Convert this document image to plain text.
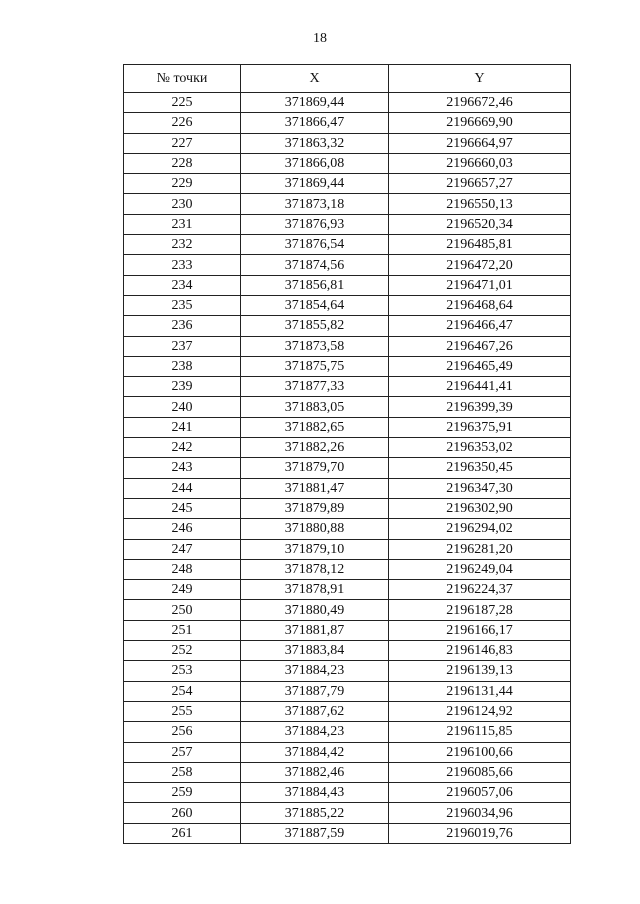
18
№ точки	X	Y
225	371869,44	2196672,46
226	371866,47	2196669,90
227	371863,32	2196664,97
228	371866,08	2196660,03
229	371869,44	2196657,27
230	371873,18	2196550,13
231	371876,93	2196520,34
232	371876,54	2196485,81
233	371874,56	2196472,20
234	371856,81	2196471,01
235	371854,64	2196468,64
236	371855,82	2196466,47
237	371873,58	2196467,26
238	371875,75	2196465,49
239	371877,33	2196441,41
240	371883,05	2196399,39
241	371882,65	2196375,91
242	371882,26	2196353,02
243	371879,70	2196350,45
244	371881,47	2196347,30
245	371879,89	2196302,90
246	371880,88	2196294,02
247	371879,10	2196281,20
248	371878,12	2196249,04
249	371878,91	2196224,37
250	371880,49	2196187,28
251	371881,87	2196166,17
252	371883,84	2196146,83
253	371884,23	2196139,13
254	371887,79	2196131,44
255	371887,62	2196124,92
256	371884,23	2196115,85
257	371884,42	2196100,66
258	371882,46	2196085,66
259	371884,43	2196057,06
260	371885,22	2196034,96
261	371887,59	2196019,76
